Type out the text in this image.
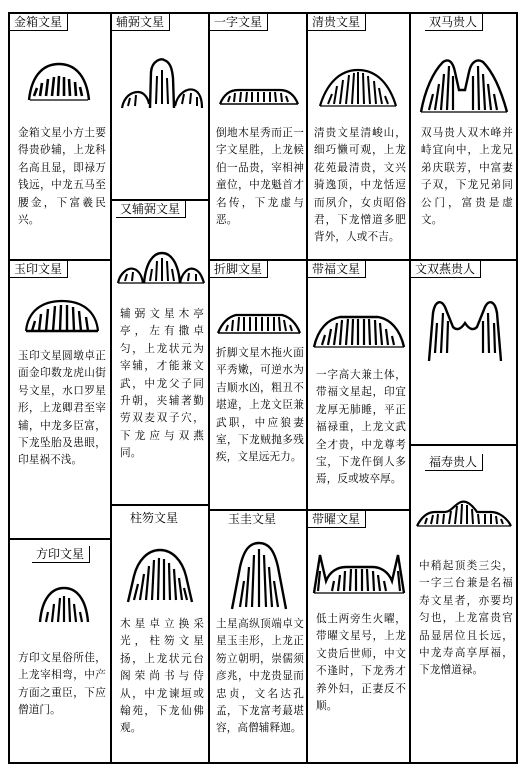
金箱文星
金箱文星小方土要得贵砂辅，上龙科名高且显，即禄万钱远，中龙五马至腰金，下富羲民兴。
玉印文星
玉印文星圆墩卓正面金印数龙虎山街号文星，水口罗星形，上龙卿君至宰辅，中龙多臣富，下龙坠胎及患眼，印星祸不浅。
方印文星
方印文星俗所佳，上龙宰相弯，中产方面之重臣，下应僧道门。
辅弼文星
又辅弼文星
辅弼文星木亭亭，左有撒卓匀，上龙状元为宰辅，才能兼文武，中龙父子同升朝，夹辅著勤劳双麦双子穴，下龙应与双燕同。
柱笏文星
木星卓立换采光，柱笏文星扬，上龙状元台阁荣尚书与侍从，中龙谏垣或翰苑，下龙仙佛观。
一字文星
倒地木星秀而正一字文星胜，上龙候伯一品贵，宰相神童位，中龙魁首才名传，下龙虚与恶。
折脚文星
折脚文星木拖火面平秀嫩，可逆水为吉顺水凶，粗丑不堪違，上龙文臣兼武职，中应狼妻室，下龙贼抛多残疾，文星远无力。
玉圭文星
土星高纵顶端卓文星玉圭形，上龙正笏立朝明，崇儒须彦兆，中龙贵显而忠贞，文名达孔孟，下龙富考蕞堪容，高僧辅释迦。
清贵文星
清贵文星清峻山，细巧懒可观，上龙花苑最清贵，文兴骑逸顶，中龙恬逗而夙介，女贞昭俗君，下龙憎道多肥背外，人或不吉。
带福文星
一字高大兼土体，带福文星起，印宜龙厚无肺睡，平正福禄重，上龙文武全才贵，中龙尊考宝，下龙仵倒人多焉，反或坡卒厚。
带曜文星
低土两旁生火曜，带曜文星号，上龙文贵后世师，中文不逢时，下龙秀才养外妇，正妻反不顺。
双马贵人
双马贵人双木峰并峙宜向中，上龙兄弟庆联芳，中富妻子双，下龙兄弟同公门，富贵是虚文。
文双燕贵人
福寿贵人
中稍起顶类三尖，一字三台兼是名福寿文星者，亦要均匀也，上龙富贵官品显居位且长远，中龙寿高享厚福，下龙憎道禄。
